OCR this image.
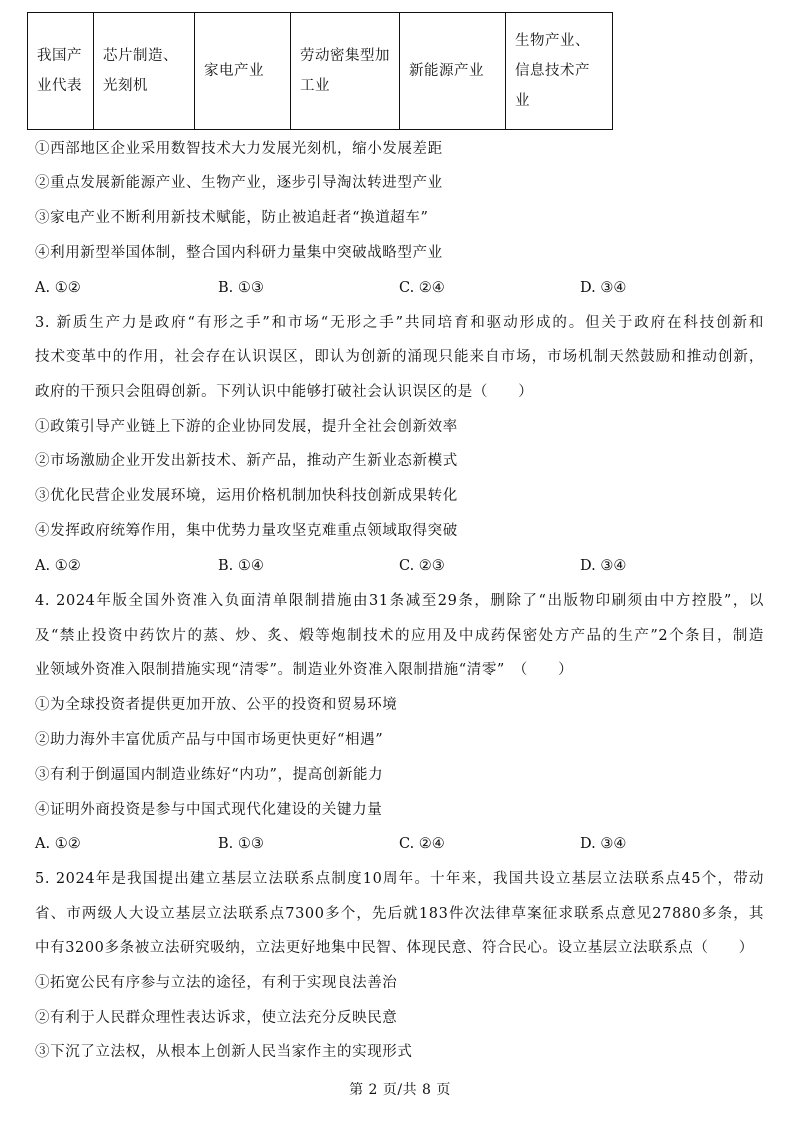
我国产业代表	芯片制造、光刻机	家电产业	劳动密集型加工业	新能源产业	生物产业、信息技术产业
①西部地区企业采用数智技术大力发展光刻机，缩小发展差距
②重点发展新能源产业、生物产业，逐步引导淘汰转进型产业
③家电产业不断利用新技术赋能，防止被追赶者“换道超车”
④利用新型举国体制，整合国内科研力量集中突破战略型产业
A. ①②	B. ①③	C. ②④	D. ③④
3. 新质生产力是政府“有形之手”和市场“无形之手”共同培育和驱动形成的。但关于政府在科技创新和
技术变革中的作用，社会存在认识误区，即认为创新的涌现只能来自市场，市场机制天然鼓励和推动创新，
政府的干预只会阻碍创新。下列认识中能够打破社会认识误区的是（　　）
①政策引导产业链上下游的企业协同发展，提升全社会创新效率
②市场激励企业开发出新技术、新产品，推动产生新业态新模式
③优化民营企业发展环境，运用价格机制加快科技创新成果转化
④发挥政府统筹作用，集中优势力量攻坚克难重点领域取得突破
A. ①②	B. ①④	C. ②③	D. ③④
4. 2024年版全国外资准入负面清单限制措施由31条减至29条，删除了“出版物印刷须由中方控股”，以
及“禁止投资中药饮片的蒸、炒、炙、煅等炮制技术的应用及中成药保密处方产品的生产”2个条目，制造
业领域外资准入限制措施实现“清零”。制造业外资准入限制措施“清零”　（　　）
①为全球投资者提供更加开放、公平的投资和贸易环境
②助力海外丰富优质产品与中国市场更快更好“相遇”
③有利于倒逼国内制造业练好“内功”，提高创新能力
④证明外商投资是参与中国式现代化建设的关键力量
A. ①②	B. ①③	C. ②④	D. ③④
5. 2024年是我国提出建立基层立法联系点制度10周年。十年来，我国共设立基层立法联系点45个，带动
省、市两级人大设立基层立法联系点7300多个，先后就183件次法律草案征求联系点意见27880多条，其
中有3200多条被立法研究吸纳，立法更好地集中民智、体现民意、符合民心。设立基层立法联系点（　　）
①拓宽公民有序参与立法的途径，有利于实现良法善治
②有利于人民群众理性表达诉求，使立法充分反映民意
③下沉了立法权，从根本上创新人民当家作主的实现形式
第 2 页/共 8 页
